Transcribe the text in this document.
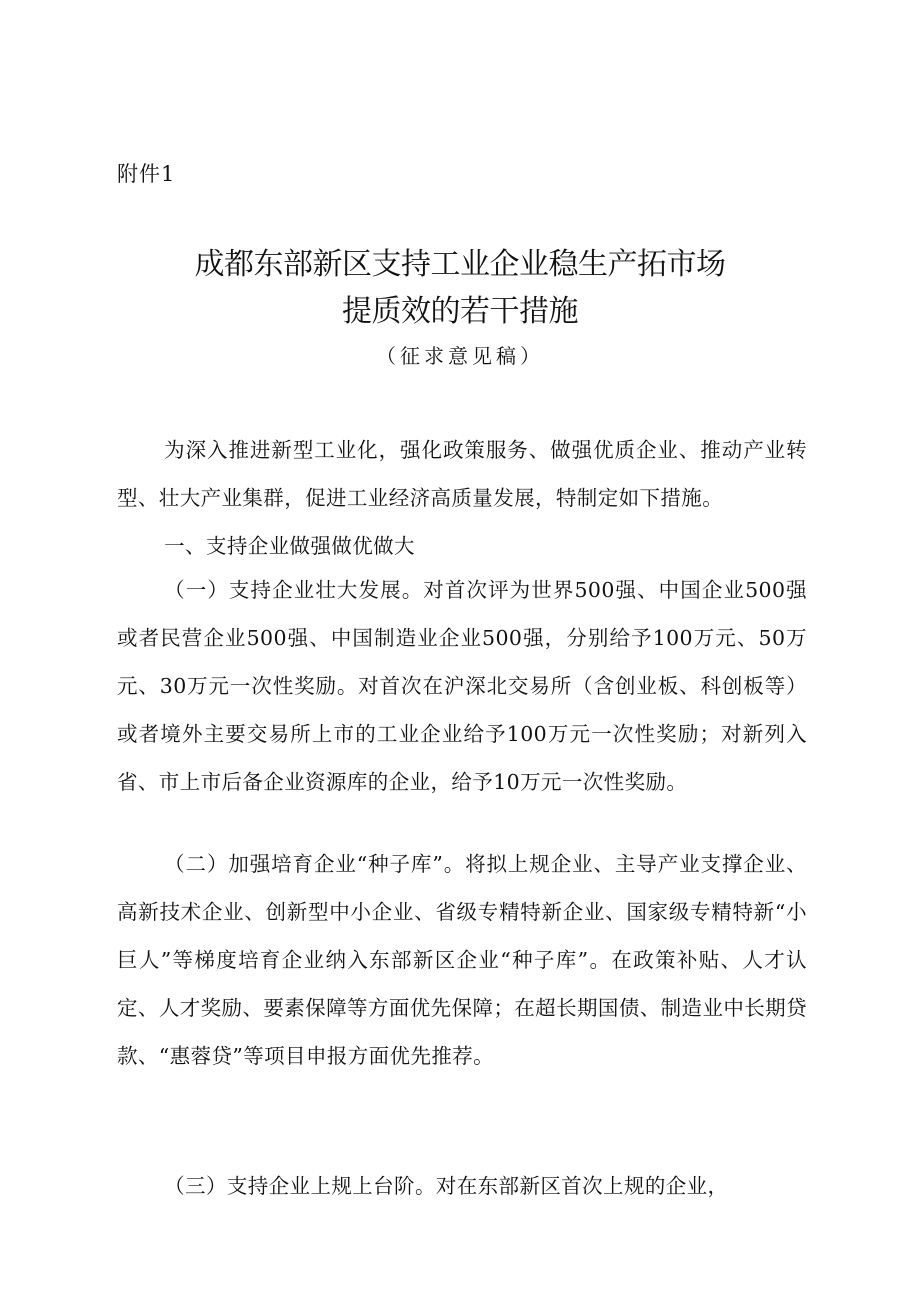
附件1
成都东部新区支持工业企业稳生产拓市场
提质效的若干措施
（征求意见稿）
为深入推进新型工业化，强化政策服务、做强优质企业、推动产业转型、壮大产业集群，促进工业经济高质量发展，特制定如下措施。
一、支持企业做强做优做大
（一）支持企业壮大发展。对首次评为世界500强、中国企业500强或者民营企业500强、中国制造业企业500强，分别给予100万元、50万元、30万元一次性奖励。对首次在沪深北交易所（含创业板、科创板等）或者境外主要交易所上市的工业企业给予100万元一次性奖励；对新列入省、市上市后备企业资源库的企业，给予10万元一次性奖励。
（二）加强培育企业“种子库”。将拟上规企业、主导产业支撑企业、高新技术企业、创新型中小企业、省级专精特新企业、国家级专精特新“小巨人”等梯度培育企业纳入东部新区企业“种子库”。在政策补贴、人才认定、人才奖励、要素保障等方面优先保障；在超长期国债、制造业中长期贷款、“惠蓉贷”等项目申报方面优先推荐。
（三）支持企业上规上台阶。对在东部新区首次上规的企业，
